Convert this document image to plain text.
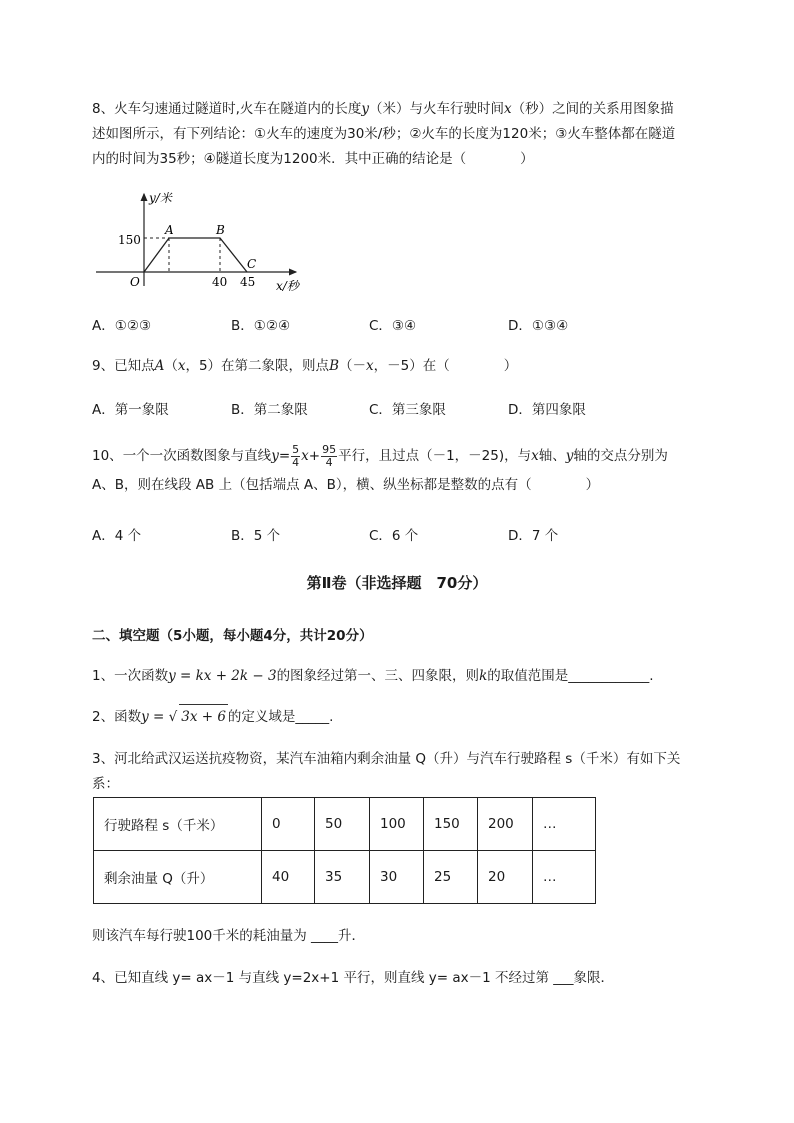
8、火车匀速通过隧道时,火车在隧道内的长度y（米）与火车行驶时间x（秒）之间的关系用图象描
述如图所示，有下列结论：①火车的速度为30米/秒；②火车的长度为120米；③火车整体都在隧道
内的时间为35秒；④隧道长度为1200米．其中正确的结论是（　　　　）
y/米
150
A	B
C
O	40 45 x/秒
A．①②③	B．①②④	C．③④	D．①③④
9、已知点A（x，5）在第二象限，则点B（－x，－5）在（　　　　）
A．第一象限	B．第二象限	C．第三象限	D．第四象限
10、一个一次函数图象与直线$y= \frac{5}{4} x+ \frac{95}{4}$ 平行，且过点（－1，－25)，与x轴、y轴的交点分别为
A、B，则在线段 AB 上（包括端点 A、B），横、纵坐标都是整数的点有（　　　　）
A．4 个	B．5 个	C．6 个	D．7 个
第Ⅱ卷（非选择题　70分）
二、填空题（5小题，每小题4分，共计20分）
1、一次函数y = kx + 2k − 3的图象经过第一、三、四象限，则k的取值范围是____________.
2、函数y = √ 3x + 6 的定义域是_____.
3、河北给武汉运送抗疫物资，某汽车油箱内剩余油量 Q（升）与汽车行驶路程 s（千米）有如下关
系：
行驶路程 s（千米）	0	50	100	150	200	…
剩余油量 Q（升）	40	35	30	25	20	…
则该汽车每行驶100千米的耗油量为 ____升．
4、已知直线 y= ax－1 与直线 y=2x+1 平行，则直线 y= ax－1 不经过第 ___象限．
